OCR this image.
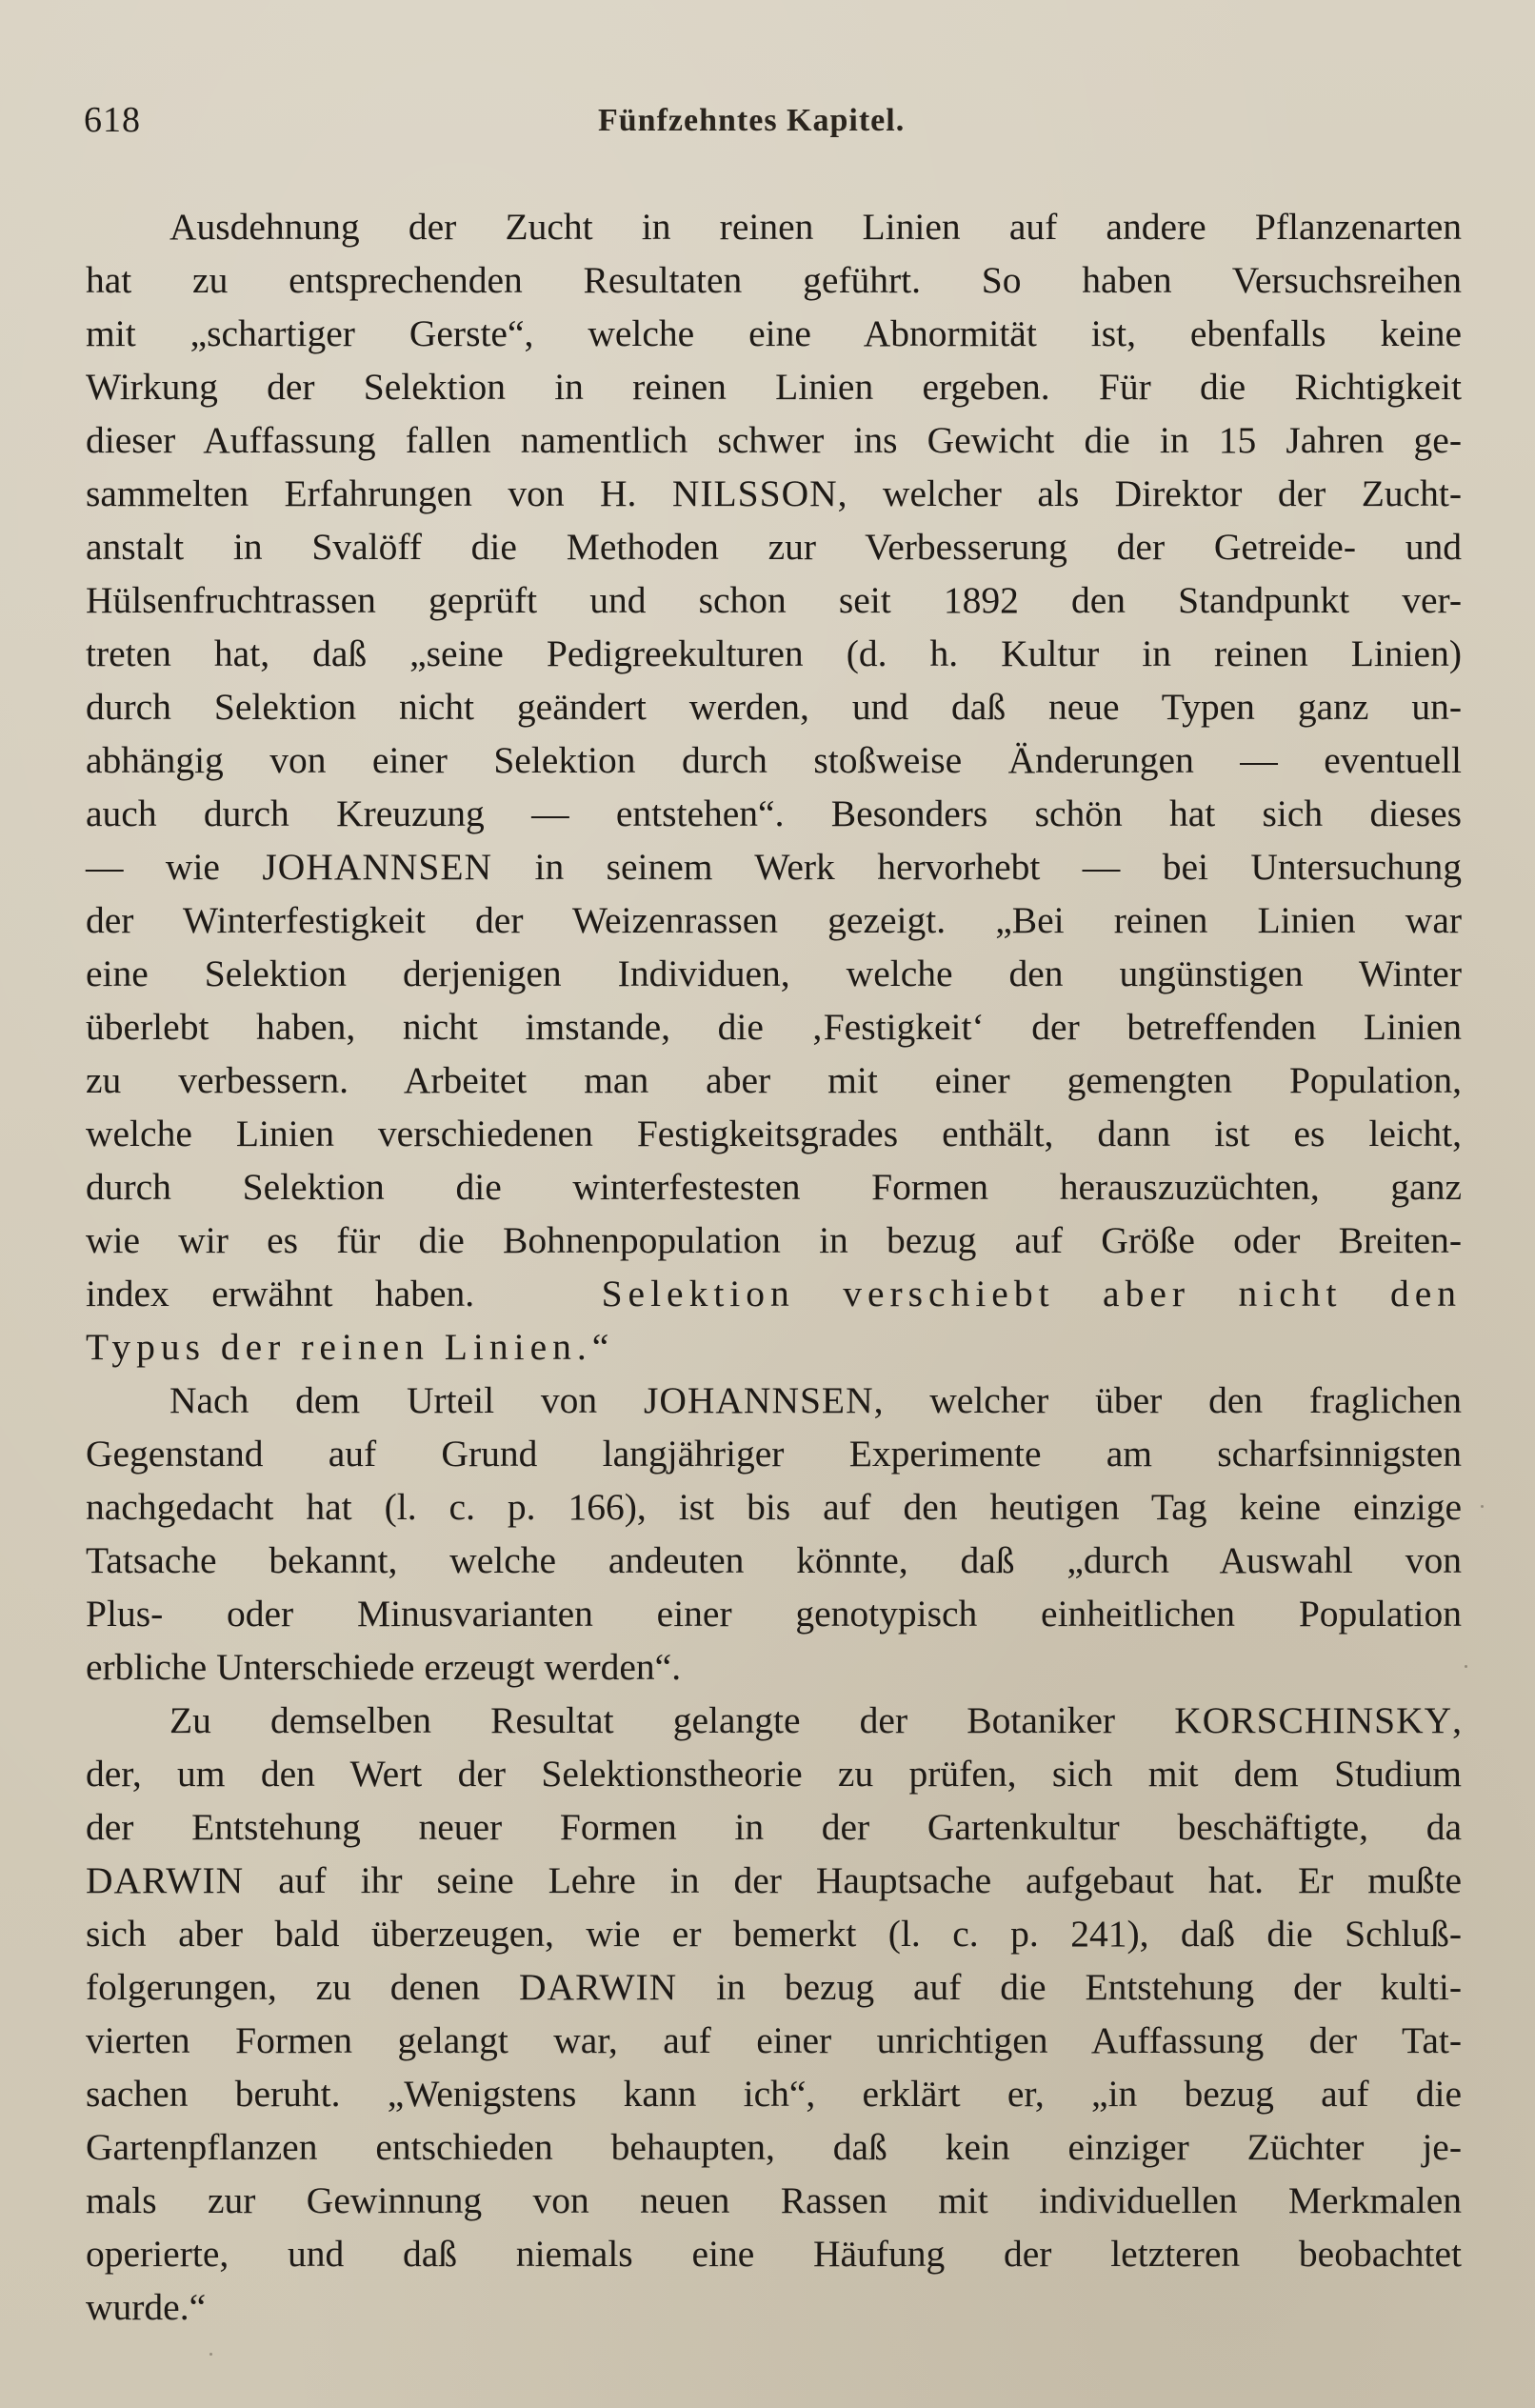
618	Fünfzehntes Kapitel.

Ausdehnung der Zucht in reinen Linien auf andere Pflanzenarten
hat zu entsprechenden Resultaten geführt. So haben Versuchsreihen
mit „schartiger Gerste“, welche eine Abnormität ist, ebenfalls keine
Wirkung der Selektion in reinen Linien ergeben. Für die Richtigkeit
dieser Auffassung fallen namentlich schwer ins Gewicht die in 15 Jahren ge-
sammelten Erfahrungen von H. NILSSON, welcher als Direktor der Zucht-
anstalt in Svalöff die Methoden zur Verbesserung der Getreide- und
Hülsenfruchtrassen geprüft und schon seit 1892 den Standpunkt ver-
treten hat, daß „seine Pedigreekulturen (d. h. Kultur in reinen Linien)
durch Selektion nicht geändert werden, und daß neue Typen ganz un-
abhängig von einer Selektion durch stoßweise Änderungen — eventuell
auch durch Kreuzung — entstehen“. Besonders schön hat sich dieses
— wie JOHANNSEN in seinem Werk hervorhebt — bei Untersuchung
der Winterfestigkeit der Weizenrassen gezeigt. „Bei reinen Linien war
eine Selektion derjenigen Individuen, welche den ungünstigen Winter
überlebt haben, nicht imstande, die ‚Festigkeit‘ der betreffenden Linien
zu verbessern. Arbeitet man aber mit einer gemengten Population,
welche Linien verschiedenen Festigkeitsgrades enthält, dann ist es leicht,
durch Selektion die winterfestesten Formen herauszuzüchten, ganz
wie wir es für die Bohnenpopulation in bezug auf Größe oder Breiten-
index erwähnt haben.	Selektion verschiebt aber nicht den
Typus der reinen Linien.“

Nach dem Urteil von JOHANNSEN, welcher über den fraglichen
Gegenstand auf Grund langjähriger Experimente am scharfsinnigsten
nachgedacht hat (l. c. p. 166), ist bis auf den heutigen Tag keine einzige
Tatsache bekannt, welche andeuten könnte, daß „durch Auswahl von
Plus- oder Minusvarianten einer genotypisch einheitlichen Population
erbliche Unterschiede erzeugt werden“.

Zu demselben Resultat gelangte der Botaniker KORSCHINSKY,
der, um den Wert der Selektionstheorie zu prüfen, sich mit dem Studium
der Entstehung neuer Formen in der Gartenkultur beschäftigte, da
DARWIN auf ihr seine Lehre in der Hauptsache aufgebaut hat. Er mußte
sich aber bald überzeugen, wie er bemerkt (l. c. p. 241), daß die Schluß-
folgerungen, zu denen DARWIN in bezug auf die Entstehung der kulti-
vierten Formen gelangt war, auf einer unrichtigen Auffassung der Tat-
sachen beruht. „Wenigstens kann ich“, erklärt er, „in bezug auf die
Gartenpflanzen entschieden behaupten, daß kein einziger Züchter je-
mals zur Gewinnung von neuen Rassen mit individuellen Merkmalen
operierte, und daß niemals eine Häufung der letzteren beobachtet
wurde.“
